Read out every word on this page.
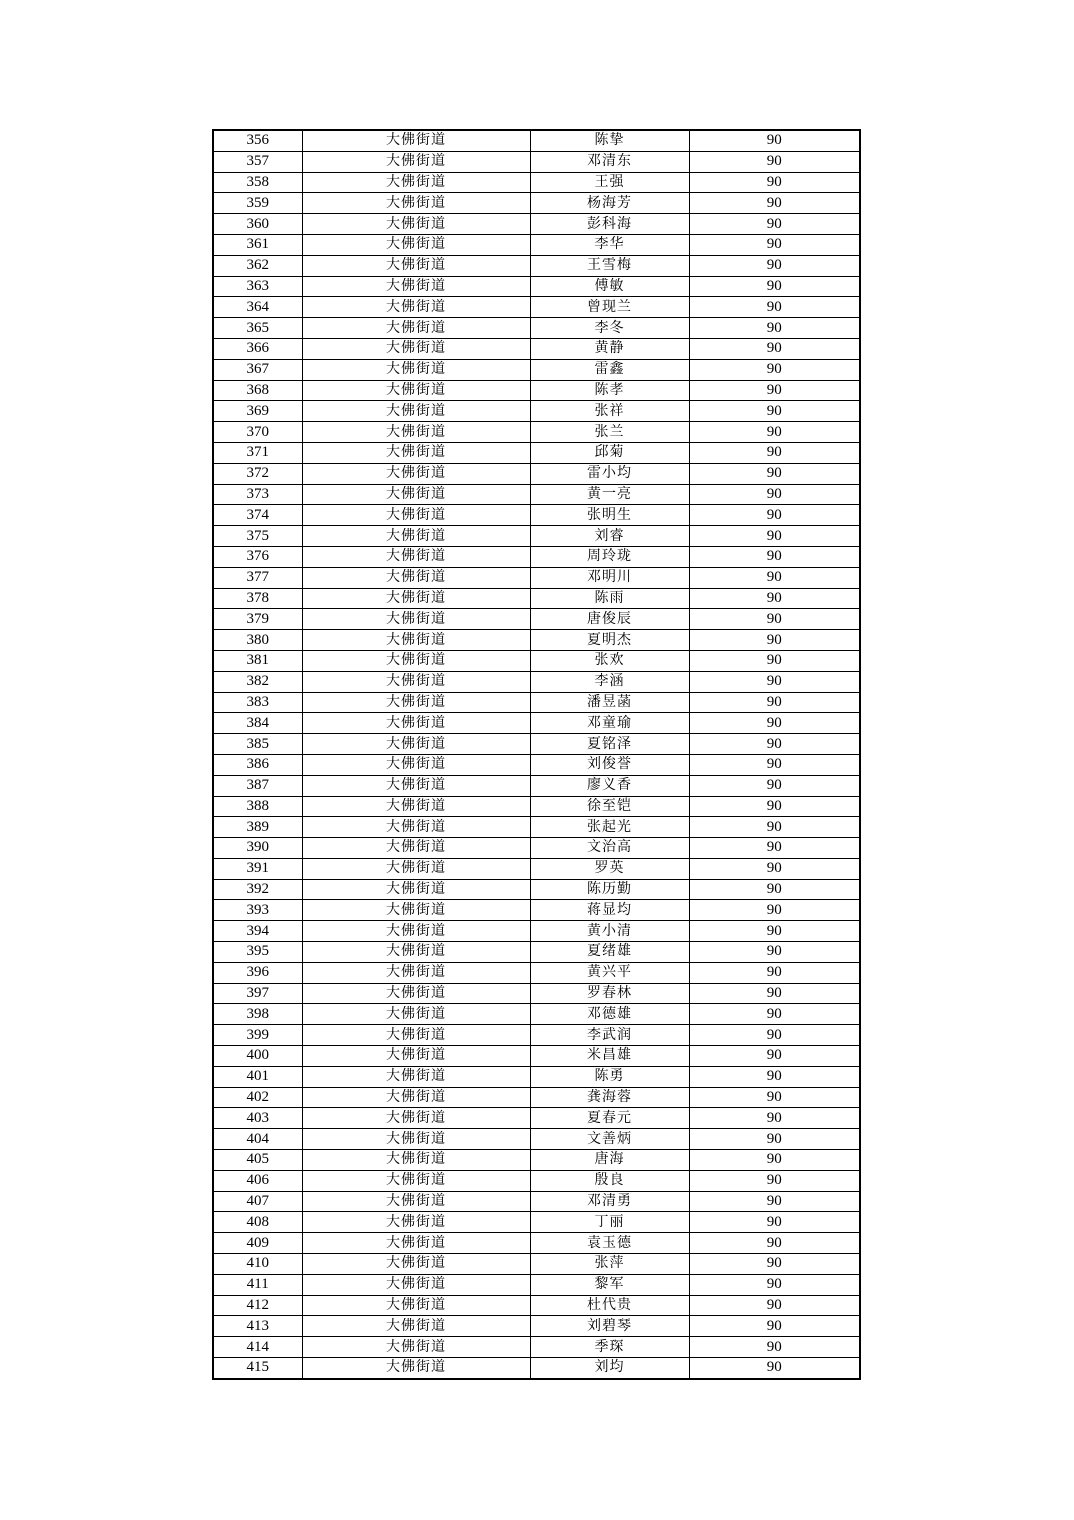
356	大佛街道	陈挚	90
357	大佛街道	邓清东	90
358	大佛街道	王强	90
359	大佛街道	杨海芳	90
360	大佛街道	彭科海	90
361	大佛街道	李华	90
362	大佛街道	王雪梅	90
363	大佛街道	傅敏	90
364	大佛街道	曾现兰	90
365	大佛街道	李冬	90
366	大佛街道	黄静	90
367	大佛街道	雷鑫	90
368	大佛街道	陈孝	90
369	大佛街道	张祥	90
370	大佛街道	张兰	90
371	大佛街道	邱菊	90
372	大佛街道	雷小均	90
373	大佛街道	黄一亮	90
374	大佛街道	张明生	90
375	大佛街道	刘睿	90
376	大佛街道	周玲珑	90
377	大佛街道	邓明川	90
378	大佛街道	陈雨	90
379	大佛街道	唐俊辰	90
380	大佛街道	夏明杰	90
381	大佛街道	张欢	90
382	大佛街道	李涵	90
383	大佛街道	潘昱菡	90
384	大佛街道	邓童瑜	90
385	大佛街道	夏铭泽	90
386	大佛街道	刘俊誉	90
387	大佛街道	廖义香	90
388	大佛街道	徐至铠	90
389	大佛街道	张起光	90
390	大佛街道	文治高	90
391	大佛街道	罗英	90
392	大佛街道	陈历勤	90
393	大佛街道	蒋显均	90
394	大佛街道	黄小清	90
395	大佛街道	夏绪雄	90
396	大佛街道	黄兴平	90
397	大佛街道	罗春林	90
398	大佛街道	邓德雄	90
399	大佛街道	李武润	90
400	大佛街道	米昌雄	90
401	大佛街道	陈勇	90
402	大佛街道	龚海蓉	90
403	大佛街道	夏春元	90
404	大佛街道	文善炳	90
405	大佛街道	唐海	90
406	大佛街道	殷良	90
407	大佛街道	邓清勇	90
408	大佛街道	丁丽	90
409	大佛街道	袁玉德	90
410	大佛街道	张萍	90
411	大佛街道	黎军	90
412	大佛街道	杜代贵	90
413	大佛街道	刘碧琴	90
414	大佛街道	季琛	90
415	大佛街道	刘均	90
